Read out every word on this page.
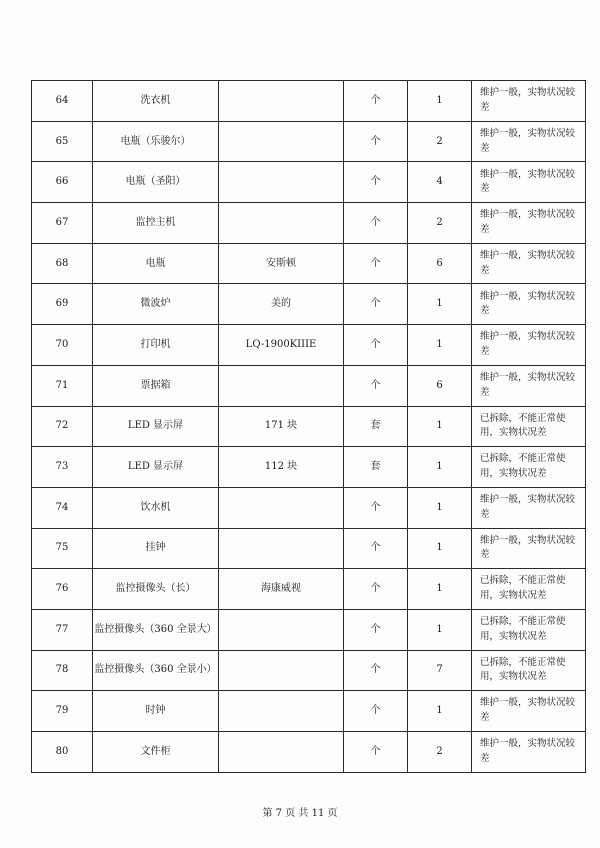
64	洗衣机		个	1	维护一般，实物状况较差
65	电瓶（乐骏尔）		个	2	维护一般，实物状况较差
66	电瓶（圣阳）		个	4	维护一般，实物状况较差
67	监控主机		个	2	维护一般，实物状况较差
68	电瓶	安斯顿	个	6	维护一般，实物状况较差
69	微波炉	美的	个	1	维护一般，实物状况较差
70	打印机	LQ-1900KIIIE	个	1	维护一般，实物状况较差
71	票据箱		个	6	维护一般，实物状况较差
72	LED 显示屏	171 块	套	1	已拆除，不能正常使用，实物状况差
73	LED 显示屏	112 块	套	1	已拆除，不能正常使用，实物状况差
74	饮水机		个	1	维护一般，实物状况较差
75	挂钟		个	1	维护一般，实物状况较差
76	监控摄像头（长）	海康威视	个	1	已拆除，不能正常使用，实物状况差
77	监控摄像头（360 全景大）		个	1	已拆除，不能正常使用，实物状况差
78	监控摄像头（360 全景小）		个	7	已拆除，不能正常使用，实物状况差
79	时钟		个	1	维护一般，实物状况较差
80	文件柜		个	2	维护一般，实物状况较差
第 7 页 共 11 页
